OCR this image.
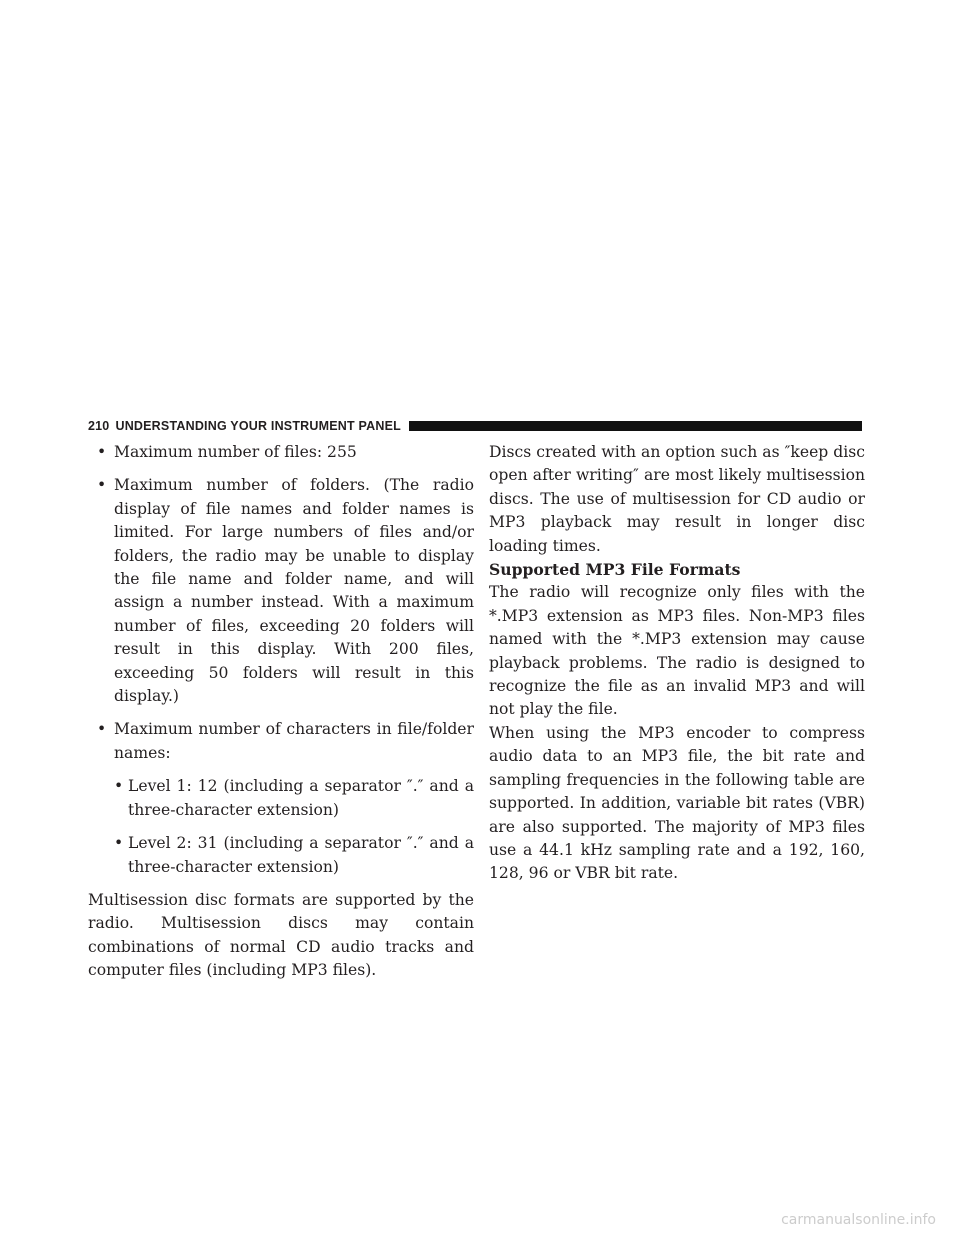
210 UNDERSTANDING YOUR INSTRUMENT PANEL

• Maximum number of files: 255

• Maximum number of folders. (The radio display of file names and folder names is limited. For large numbers of files and/or folders, the radio may be unable to display the file name and folder name, and will assign a number instead. With a maximum number of files, exceeding 20 folders will result in this display. With 200 files, exceeding 50 folders will result in this display.)

• Maximum number of characters in file/folder names:

• Level 1: 12 (including a separator ″.″ and a three-character extension)

• Level 2: 31 (including a separator ″.″ and a three-character extension)

Multisession disc formats are supported by the radio. Multisession discs may contain combinations of normal CD audio tracks and computer files (including MP3 files).

Discs created with an option such as ″keep disc open after writing″ are most likely multisession discs. The use of multisession for CD audio or MP3 playback may result in longer disc loading times.

Supported MP3 File Formats

The radio will recognize only files with the *.MP3 extension as MP3 files. Non-MP3 files named with the *.MP3 extension may cause playback problems. The radio is designed to recognize the file as an invalid MP3 and will not play the file.

When using the MP3 encoder to compress audio data to an MP3 file, the bit rate and sampling frequencies in the following table are supported. In addition, variable bit rates (VBR) are also supported. The majority of MP3 files use a 44.1 kHz sampling rate and a 192, 160, 128, 96 or VBR bit rate.

carmanualsonline.info
